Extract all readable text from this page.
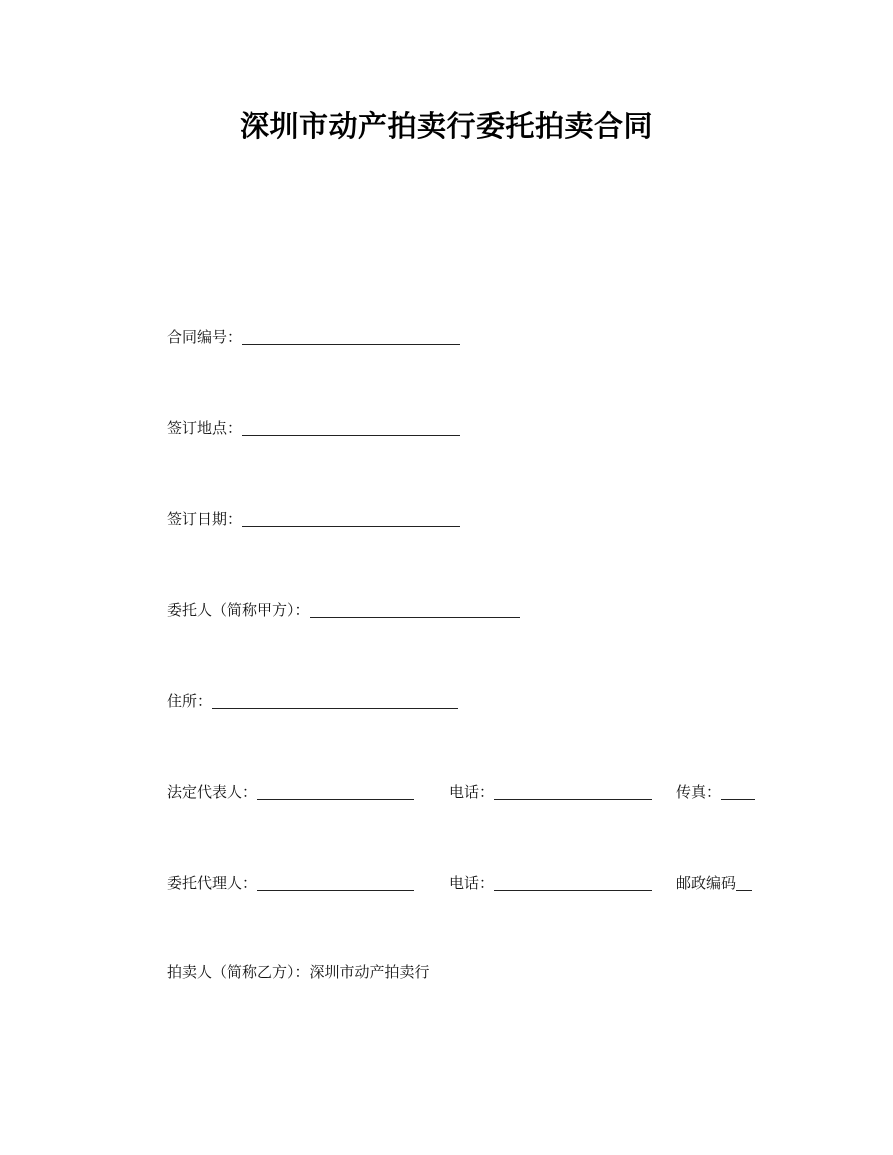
深圳市动产拍卖行委托拍卖合同
合同编号：
签订地点：
签订日期：
委托人（简称甲方）：
住所：
法定代表人：	电话：	传真：
委托代理人：	电话：	邮政编码
拍卖人（简称乙方）：深圳市动产拍卖行
